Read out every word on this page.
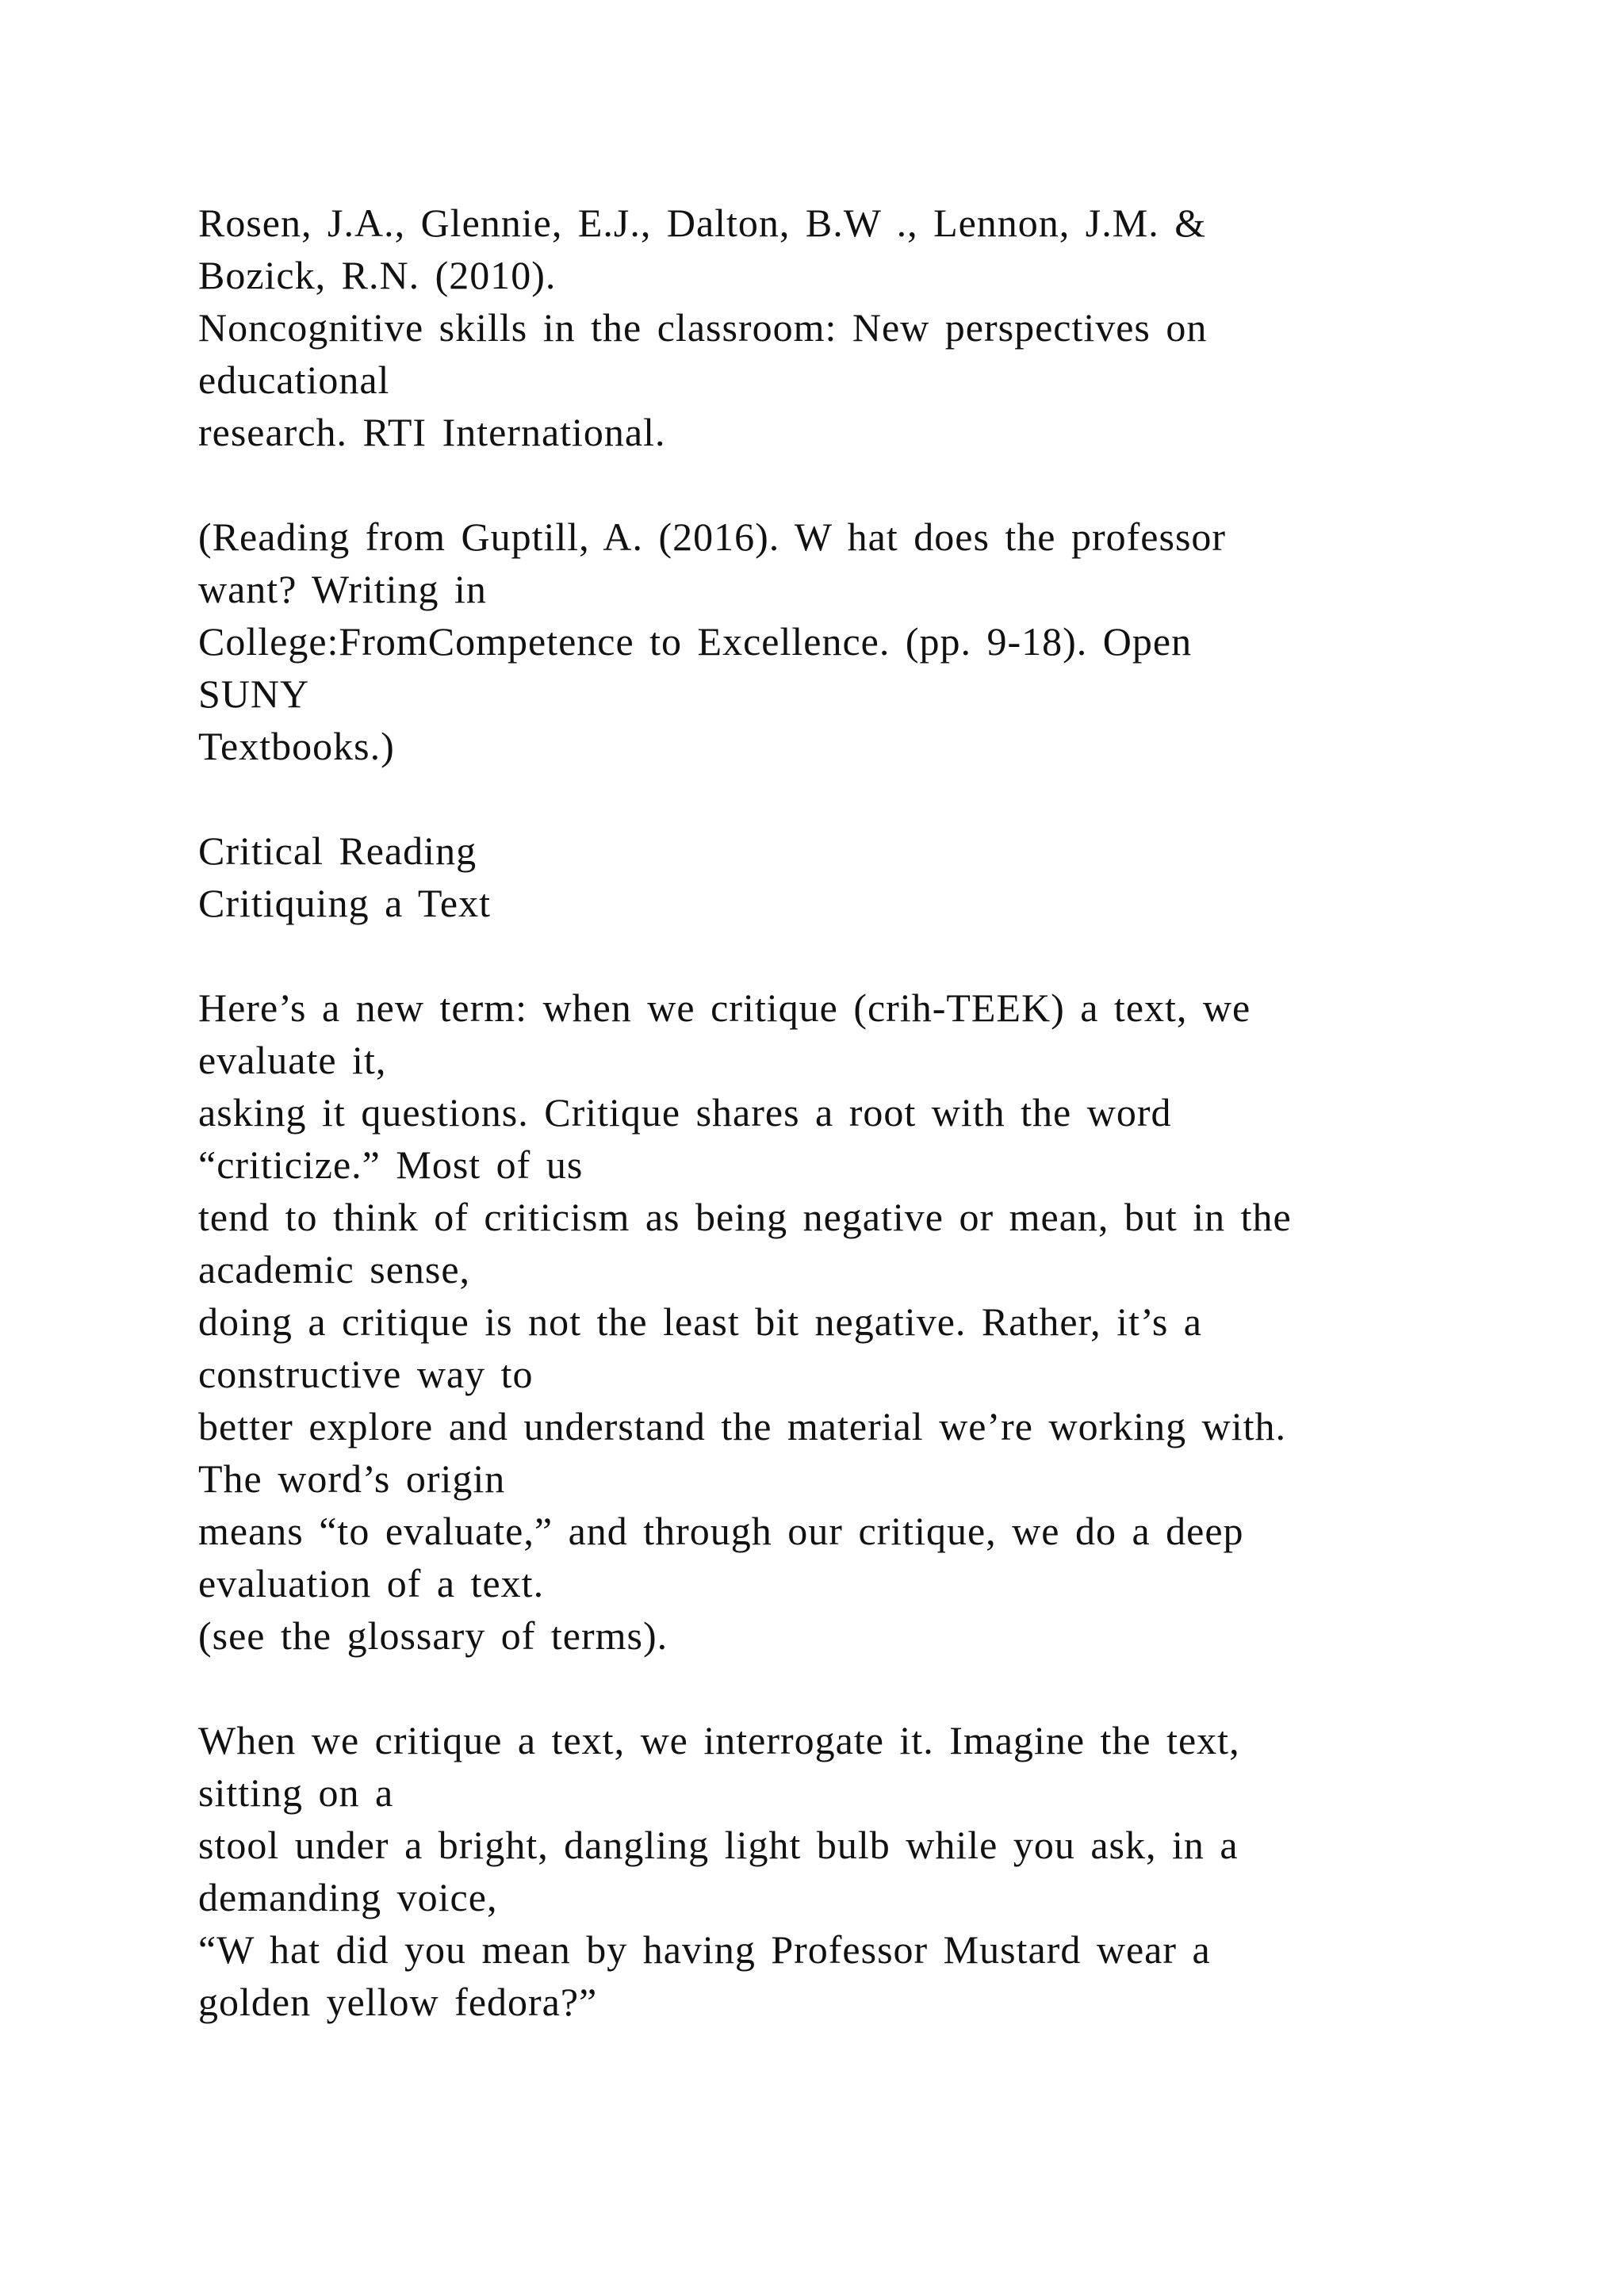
Rosen, J.A., Glennie, E.J., Dalton, B.W ., Lennon, J.M. &
Bozick, R.N. (2010).
Noncognitive skills in the classroom: New perspectives on
educational
research. RTI International.
(Reading from Guptill, A. (2016). W hat does the professor
want? Writing in
College:FromCompetence to Excellence. (pp. 9-18). Open
SUNY
Textbooks.)
Critical Reading
Critiquing a Text
Here’s a new term: when we critique (crih-TEEK) a text, we
evaluate it,
asking it questions. Critique shares a root with the word
“criticize.” Most of us
tend to think of criticism as being negative or mean, but in the
academic sense,
doing a critique is not the least bit negative. Rather, it’s a
constructive way to
better explore and understand the material we’re working with.
The word’s origin
means “to evaluate,” and through our critique, we do a deep
evaluation of a text.
(see the glossary of terms).
When we critique a text, we interrogate it. Imagine the text,
sitting on a
stool under a bright, dangling light bulb while you ask, in a
demanding voice,
“W hat did you mean by having Professor Mustard wear a
golden yellow fedora?”
